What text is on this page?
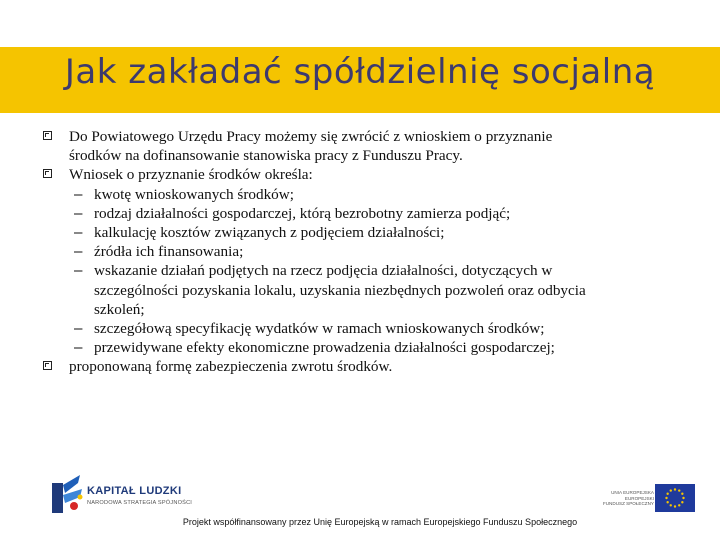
Jak zakładać spółdzielnię socjalną
Do Powiatowego Urzędu Pracy możemy się zwrócić z wnioskiem o przyznanie
środków na dofinansowanie stanowiska pracy z Funduszu Pracy.
Wniosek o przyznanie środków określa:
– kwotę wnioskowanych środków;
– rodzaj działalności gospodarczej, którą bezrobotny zamierza podjąć;
– kalkulację kosztów związanych z podjęciem działalności;
– źródła ich finansowania;
– wskazanie działań podjętych na rzecz podjęcia działalności, dotyczących w
szczególności pozyskania lokalu, uzyskania niezbędnych pozwoleń oraz odbycia
szkoleń;
– szczegółową specyfikację wydatków w ramach wnioskowanych środków;
– przewidywane efekty ekonomiczne prowadzenia działalności gospodarczej;
proponowaną formę zabezpieczenia zwrotu środków.
KAPITAŁ LUDZKI
NARODOWA STRATEGIA SPÓJNOŚCI
UNIA EUROPEJSKA
EUROPEJSKI
FUNDUSZ SPOŁECZNY
Projekt współfinansowany przez Unię Europejską w ramach Europejskiego Funduszu Społecznego
